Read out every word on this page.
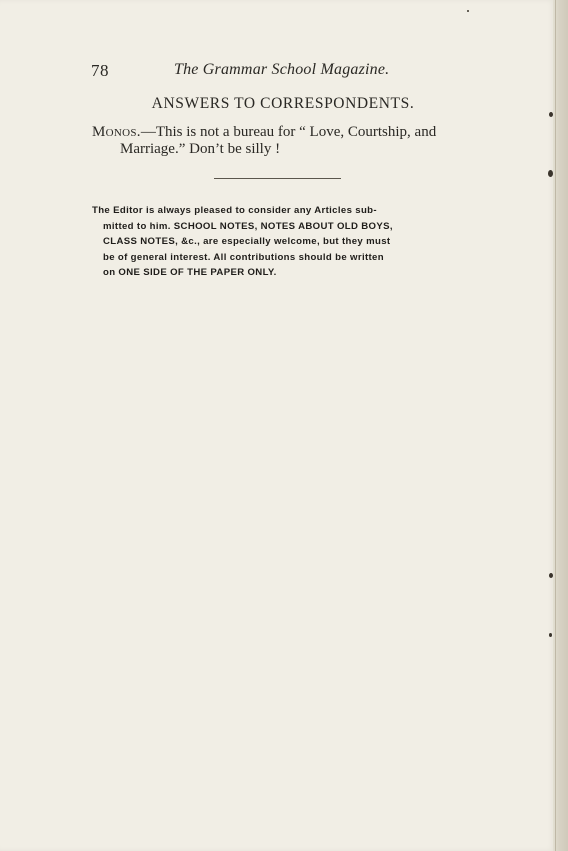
78	The Grammar School Magazine.
ANSWERS TO CORRESPONDENTS.
Monos.—This is not a bureau for “ Love, Courtship, and
Marriage.” Don’t be silly !
The Editor is always pleased to consider any Articles sub-
mitted to him. SCHOOL NOTES, NOTES ABOUT OLD BOYS,
CLASS NOTES, &c., are especially welcome, but they must
be of general interest. All contributions should be written
on ONE SIDE OF THE PAPER ONLY.
